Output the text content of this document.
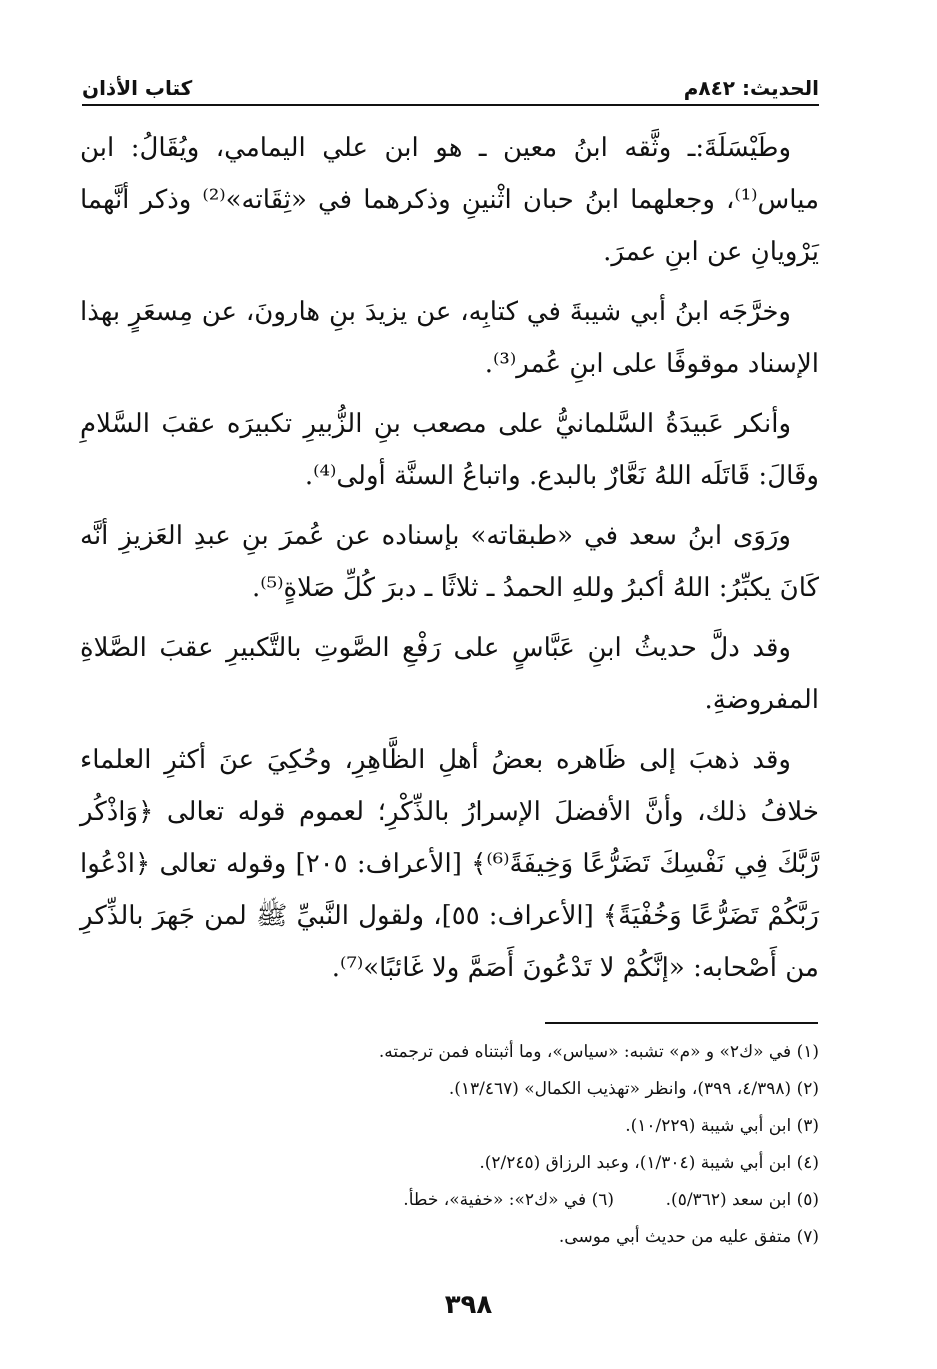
الحديث: ٨٤٢م
كتاب الأذان

وطَيْسَلَةَ:ـ وثَّقه ابنُ معين ـ هو ابن علي اليمامي، ويُقَالُ: ابن مياس⁽¹⁾، وجعلهما ابنُ حبان اثْنينِ وذكرهما في «ثِقَاته»⁽²⁾ وذكر أنَّهما يَرْويانِ عن ابنِ عمرَ.

وخرَّجَه ابنُ أبي شيبةَ في كتابِه، عن يزيدَ بنِ هارونَ، عن مِسعَرٍ بهذا الإسناد موقوفًا على ابنِ عُمر⁽³⁾.

وأنكر عَبيدَةُ السَّلمانيُّ على مصعب بنِ الزُّبيرِ تكبيرَه عقبَ السَّلامِ وقَالَ: قَاتَلَه اللهُ نَعَّارٌ بالبدع. واتباعُ السنَّة أولى⁽⁴⁾.

ورَوَى ابنُ سعد في «طبقاته» بإسناده عن عُمرَ بنِ عبدِ العَزيزِ أنَّه كَانَ يكبِّرُ: اللهُ أكبرُ وللهِ الحمدُ ـ ثلاثًا ـ دبرَ كُلِّ صَلاةٍ⁽⁵⁾.

وقد دلَّ حديثُ ابنِ عَبَّاسٍ على رَفْعِ الصَّوتِ بالتَّكبيرِ عقبَ الصَّلاةِ المفروضةِ.

وقد ذهبَ إلى ظَاهره بعضُ أهلِ الظَّاهِرِ، وحُكِيَ عنَ أكثرِ العلماء خلافُ ذلك، وأنَّ الأفضلَ الإسرارُ بالذِّكْرِ؛ لعموم قوله تعالى ﴿وَاذْكُر رَّبَّكَ فِي نَفْسِكَ تَضَرُّعًا وَخِيفَةً⁽⁶⁾﴾ [الأعراف: ٢٠٥] وقوله تعالى ﴿ادْعُوا رَبَّكُمْ تَضَرُّعًا وَخُفْيَةً﴾ [الأعراف: ٥٥]، ولقول النَّبيِّ ﷺ لمن جَهرَ بالذِّكرِ من أَصْحابه: «إنَّكُمْ لا تَدْعُونَ أَصَمَّ ولا غَائبًا»⁽⁷⁾.

(١) في «ك٢» و «م» تشبه: «سياس»، وما أثبتناه فمن ترجمته.

(٢) (٤/٣٩٨، ٣٩٩)، وانظر «تهذيب الكمال» (١٣/٤٦٧).

(٣) ابن أبي شيبة (١٠/٢٢٩).

(٤) ابن أبي شيبة (١/٣٠٤)، وعبد الرزاق (٢/٢٤٥).

(٥) ابن سعد (٥/٣٦٢).

(٦) في «ك٢»: «خفية»، خطأ.

(٧) متفق عليه من حديث أبي موسى.

٣٩٨
